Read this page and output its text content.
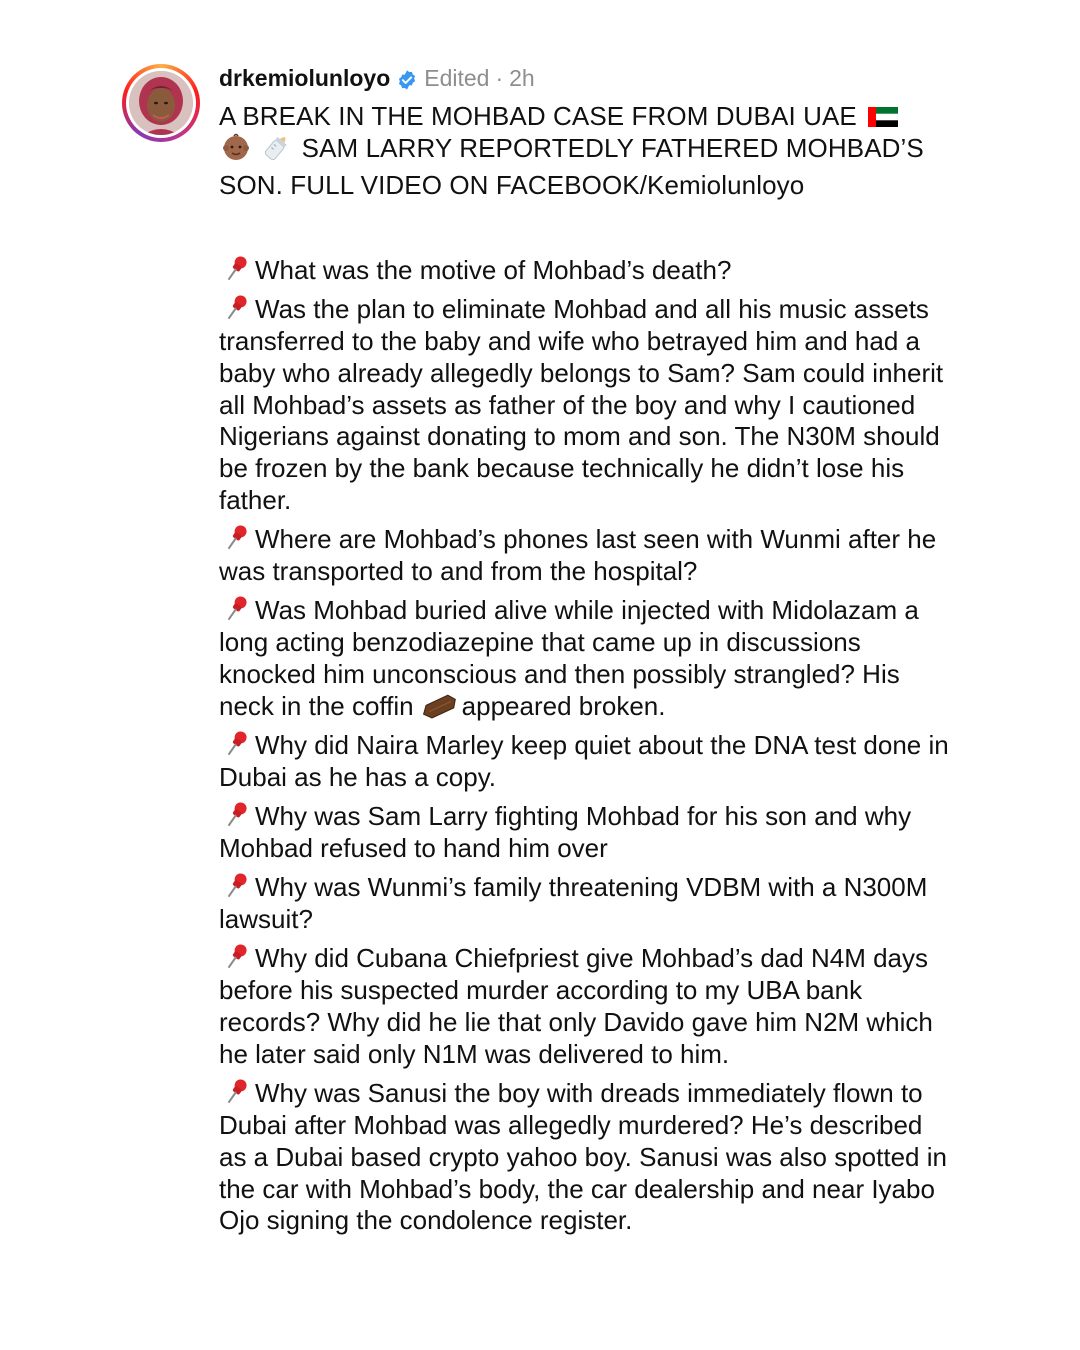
drkemiolunloyo Edited · 2h
A BREAK IN THE MOHBAD CASE FROM DUBAI UAE
SAM LARRY REPORTEDLY FATHERED MOHBAD’S SON. FULL VIDEO ON FACEBOOK/Kemiolunloyo
What was the motive of Mohbad’s death?
Was the plan to eliminate Mohbad and all his music assets transferred to the baby and wife who betrayed him and had a baby who already allegedly belongs to Sam? Sam could inherit all Mohbad’s assets as father of the boy and why I cautioned Nigerians against donating to mom and son. The N30M should be frozen by the bank because technically he didn’t lose his father.
Where are Mohbad’s phones last seen with Wunmi after he was transported to and from the hospital?
Was Mohbad buried alive while injected with Midolazam a long acting benzodiazepine that came up in discussions knocked him unconscious and then possibly strangled? His neck in the coffin appeared broken.
Why did Naira Marley keep quiet about the DNA test done in Dubai as he has a copy.
Why was Sam Larry fighting Mohbad for his son and why Mohbad refused to hand him over
Why was Wunmi’s family threatening VDBM with a N300M lawsuit?
Why did Cubana Chiefpriest give Mohbad’s dad N4M days before his suspected murder according to my UBA bank records? Why did he lie that only Davido gave him N2M which he later said only N1M was delivered to him.
Why was Sanusi the boy with dreads immediately flown to Dubai after Mohbad was allegedly murdered? He’s described as a Dubai based crypto yahoo boy. Sanusi was also spotted in the car with Mohbad’s body, the car dealership and near Iyabo Ojo signing the condolence register.
